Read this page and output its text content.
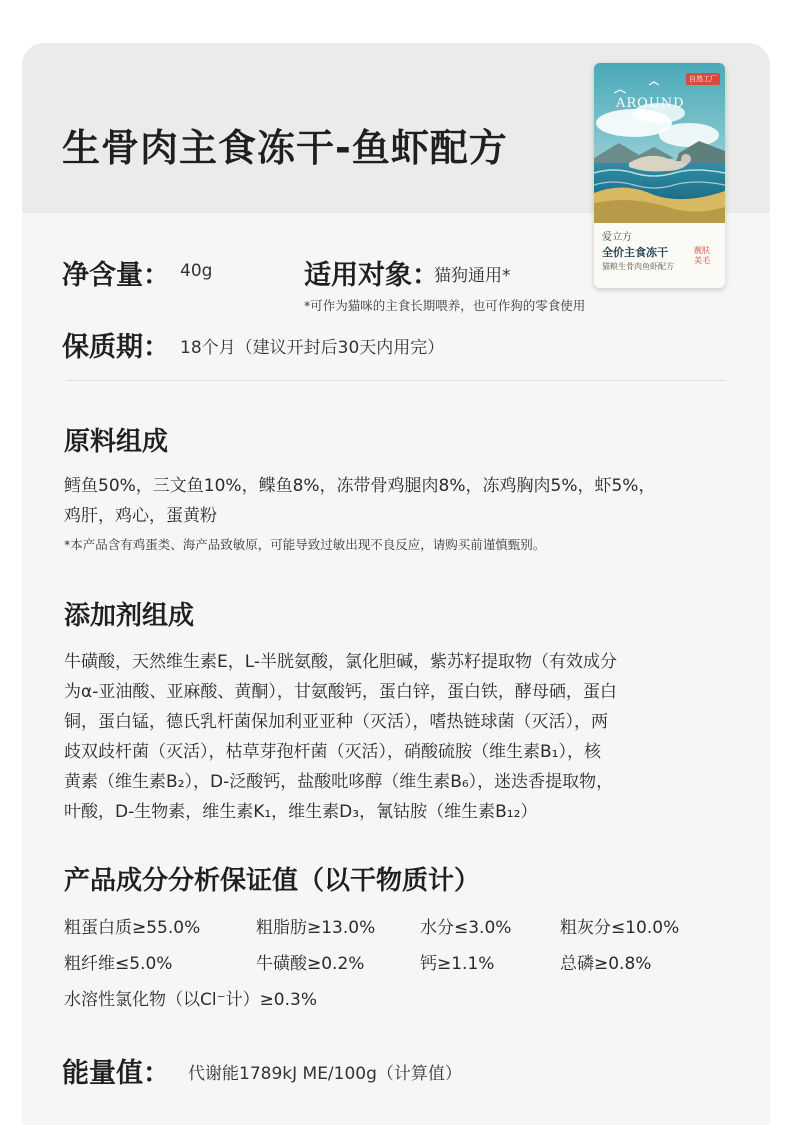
生骨肉主食冻干-鱼虾配方
AROUND
自然工厂
爱立方
全价主食冻干
猫粮生骨肉鱼虾配方
靓肤美毛
净含量： 40g	适用对象：
猫狗通用*
*可作为猫咪的主食长期喂养，也可作狗的零食使用
保质期： 18个月（建议开封后30天内用完）
原料组成
鳕鱼50%，三文鱼10%，鲽鱼8%，冻带骨鸡腿肉8%，冻鸡胸肉5%，虾5%，
鸡肝，鸡心，蛋黄粉
*本产品含有鸡蛋类、海产品致敏原，可能导致过敏出现不良反应，请购买前谨慎甄别。
添加剂组成
牛磺酸，天然维生素E，L-半胱氨酸，氯化胆碱，紫苏籽提取物（有效成分
为α-亚油酸、亚麻酸、黄酮），甘氨酸钙，蛋白锌，蛋白铁，酵母硒，蛋白
铜，蛋白锰，德氏乳杆菌保加利亚亚种（灭活），嗜热链球菌（灭活），两
歧双歧杆菌（灭活），枯草芽孢杆菌（灭活），硝酸硫胺（维生素B₁），核
黄素（维生素B₂），D-泛酸钙，盐酸吡哆醇（维生素B₆），迷迭香提取物，
叶酸，D-生物素，维生素K₁，维生素D₃，氰钴胺（维生素B₁₂）
产品成分分析保证值（以干物质计）
粗蛋白质≥55.0%	粗脂肪≥13.0%	水分≤3.0%	粗灰分≤10.0%
粗纤维≤5.0%	牛磺酸≥0.2%	钙≥1.1%	总磷≥0.8%
水溶性氯化物（以Cl⁻计）≥0.3%
能量值： 代谢能1789kJ ME/100g（计算值）
